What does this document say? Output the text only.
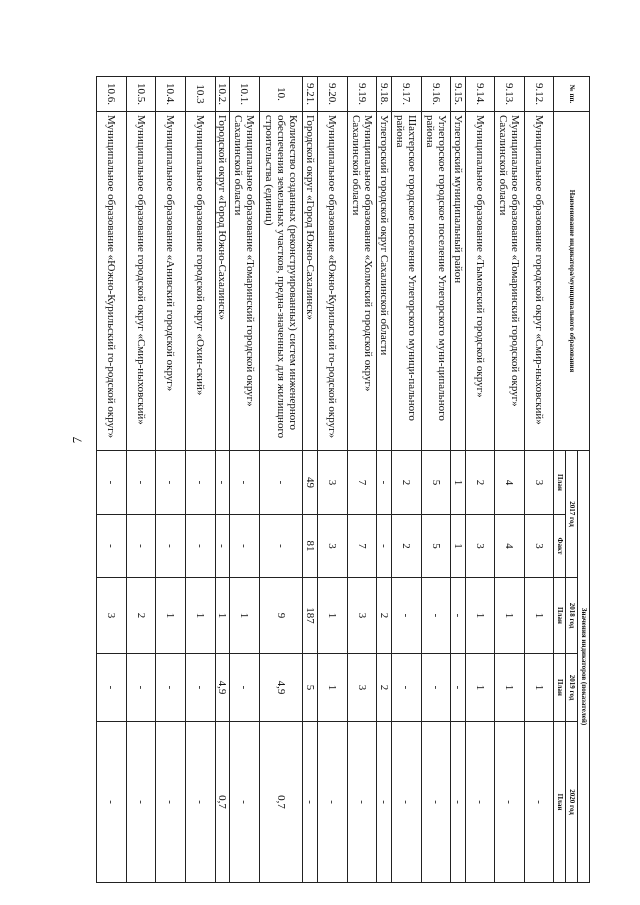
7
№ пп.	Наименование индикатора/муниципального образования	Значения индикаторов (показателей)				
		2017 год		2018 год	2019 год	2020 год
		План	Факт	План	План	План
9.12.	Муниципальное образование городской округ «Смир-ныховский»	3	3	1	1	-
9.13.	Муниципальное образование «Томаринский городской округ» Сахалинской области	4	4	1	1	-
9.14.	Муниципальное образование «Тымовский городской округ»	2	3	1	1	-
9.15.	Углегорский муниципальный район	1	1	-	-	-
9.16.	Углегорское городское поселение Углегорского муни-ципального района	5	5	-	-	-
9.17.	Шахтерское городское поселение Углегорского муници-пального района	2	2	-	-	-
9.18.	Углегорский городской округ Сахалинской области	-	-	2	2	-
9.19.	Муниципальное образование «Холмский городской округ» Сахалинской области	7	7	3	3	-
9.20.	Муниципальное образование «Южно-Курильский го-родской округ»	3	3	1	1	-
9.21.	Городской округ «Город Южно-Сахалинск»	49	81	187	5	-
10.	Количество созданных (реконструированных) систем инженерного обеспечения земельных участков, предна-значенных для жилищного строительства (единиц)	-	-	9	4,9	0,7
10.1.	Муниципальное образование «Томаринский городской округ» Сахалинской области	-	-	1	-	-
10.2.	Городской округ «Город Южно-Сахалинск»	-	-	1	4,9	0,7
10.3	Муниципальное образование городской округ «Охин-ский»	-	-	1	-	-
10.4.	Муниципальное образование «Анивский городской округ»	-	-	1	-	-
10.5.	Муниципальное образование городской округ «Смир-ныховский»	-	-	2	-	-
10.6.	Муниципальное образование «Южно-Курильский го-родской округ»	-	-	3	-	-
